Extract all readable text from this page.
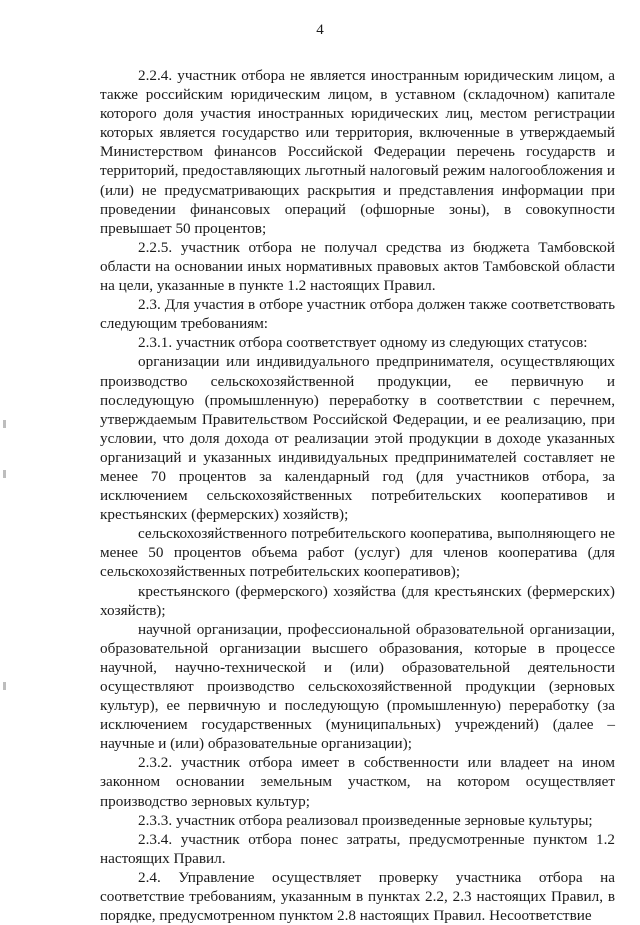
4

2.2.4. участник отбора не является иностранным юридическим лицом, а также российским юридическим лицом, в уставном (складочном) капитале которого доля участия иностранных юридических лиц, местом регистрации которых является государство или территория, включенные в утверждаемый Министерством финансов Российской Федерации перечень государств и территорий, предоставляющих льготный налоговый режим налогообложения и (или) не предусматривающих раскрытия и представления информации при проведении финансовых операций (офшорные зоны), в совокупности превышает 50 процентов;

2.2.5. участник отбора не получал средства из бюджета Тамбовской области на основании иных нормативных правовых актов Тамбовской области на цели, указанные в пункте 1.2 настоящих Правил.

2.3. Для участия в отборе участник отбора должен также соответствовать следующим требованиям:

2.3.1. участник отбора соответствует одному из следующих статусов:

организации или индивидуального предпринимателя, осуществляющих производство сельскохозяйственной продукции, ее первичную и последующую (промышленную) переработку в соответствии с перечнем, утверждаемым Правительством Российской Федерации, и ее реализацию, при условии, что доля дохода от реализации этой продукции в доходе указанных организаций и указанных индивидуальных предпринимателей составляет не менее 70 процентов за календарный год (для участников отбора, за исключением сельскохозяйственных потребительских кооперативов и крестьянских (фермерских) хозяйств);

сельскохозяйственного потребительского кооператива, выполняющего не менее 50 процентов объема работ (услуг) для членов кооператива (для сельскохозяйственных потребительских кооперативов);

крестьянского (фермерского) хозяйства (для крестьянских (фермерских) хозяйств);

научной организации, профессиональной образовательной организации, образовательной организации высшего образования, которые в процессе научной, научно-технической и (или) образовательной деятельности осуществляют производство сельскохозяйственной продукции (зерновых культур), ее первичную и последующую (промышленную) переработку (за исключением государственных (муниципальных) учреждений) (далее – научные и (или) образовательные организации);

2.3.2. участник отбора имеет в собственности или владеет на ином законном основании земельным участком, на котором осуществляет производство зерновых культур;

2.3.3. участник отбора реализовал произведенные зерновые культуры;

2.3.4. участник отбора понес затраты, предусмотренные пунктом 1.2 настоящих Правил.

2.4. Управление осуществляет проверку участника отбора на соответствие требованиям, указанным в пунктах 2.2, 2.3 настоящих Правил, в порядке, предусмотренном пунктом 2.8 настоящих Правил. Несоответствие
